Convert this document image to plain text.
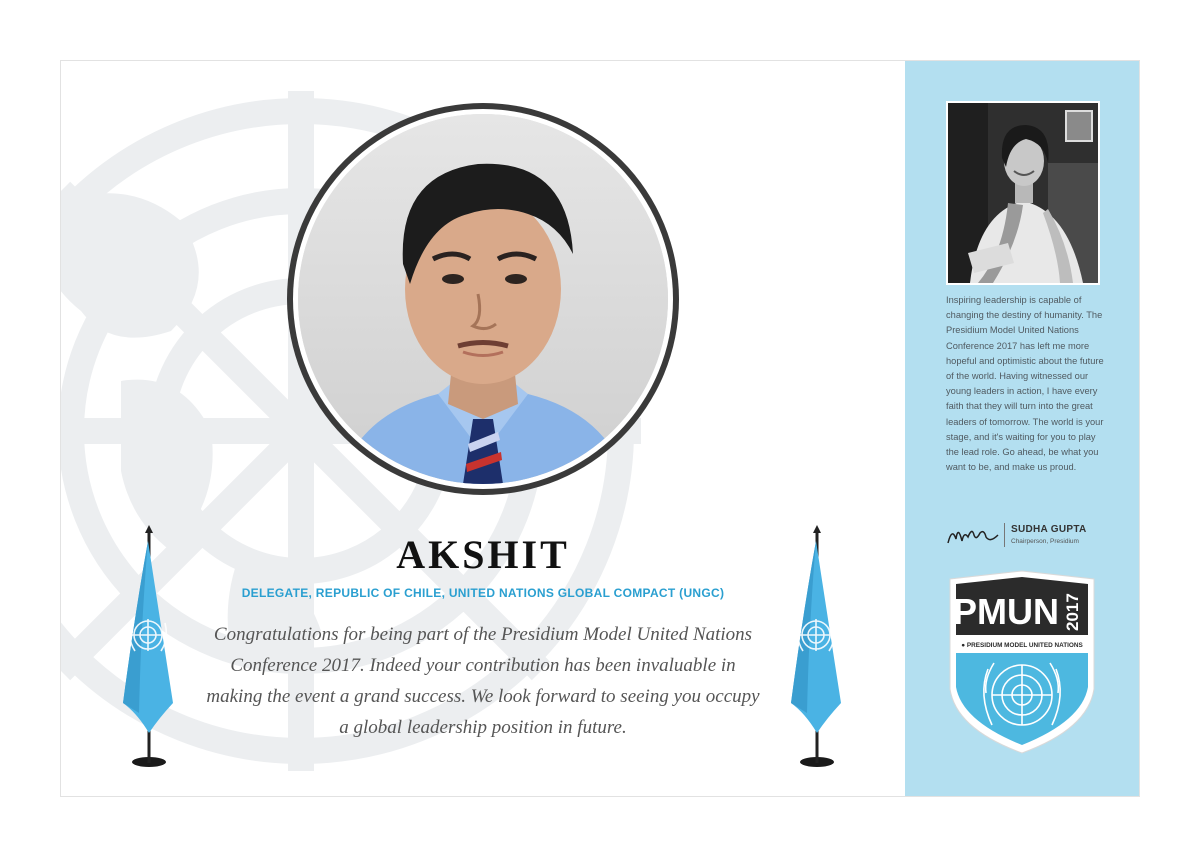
AKSHIT
DELEGATE, REPUBLIC OF CHILE, UNITED NATIONS GLOBAL COMPACT (UNGC)

Congratulations for being part of the Presidium Model United Nations Conference 2017. Indeed your contribution has been invaluable in making the event a grand success. We look forward to seeing you occupy a global leadership position in future.

Inspiring leadership is capable of changing the destiny of humanity. The Presidium Model United Nations Conference 2017 has left me more hopeful and optimistic about the future of the world. Having witnessed our young leaders in action, I have every faith that they will turn into the great leaders of tomorrow. The world is your stage, and it's waiting for you to play the lead role. Go ahead, be what you want to be, and make us proud.

SUDHA GUPTA
Chairperson, Presidium
PMUN 2017
● PRESIDIUM MODEL UNITED NATIONS
